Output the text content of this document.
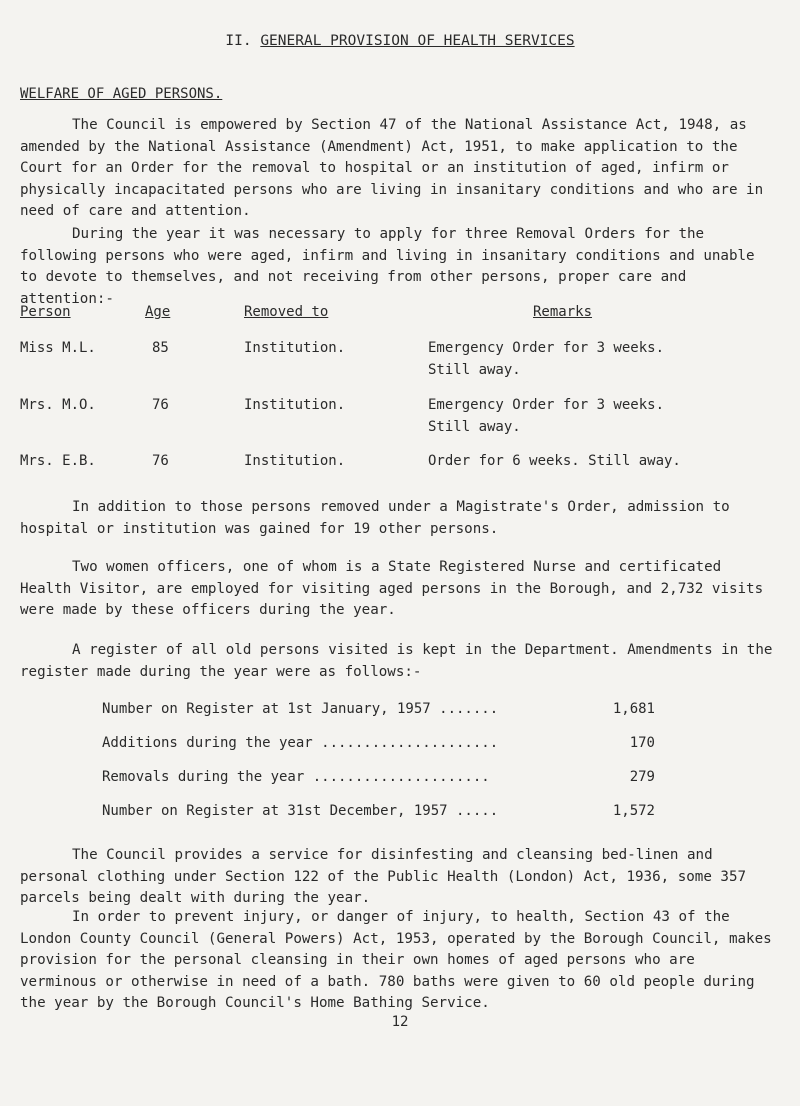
II. GENERAL PROVISION OF HEALTH SERVICES
WELFARE OF AGED PERSONS.
The Council is empowered by Section 47 of the National Assistance Act, 1948, as amended by the National Assistance (Amendment) Act, 1951, to make application to the Court for an Order for the removal to hospital or an institution of aged, infirm or physically incapacitated persons who are living in insanitary conditions and who are in need of care and attention.
During the year it was necessary to apply for three Removal Orders for the following persons who were aged, infirm and living in insanitary conditions and unable to devote to themselves, and not receiving from other persons, proper care and attention:-
Person	Age	Removed to	Remarks
Miss M.L.	85	Institution.	Emergency Order for 3 weeks.
Still away.
Mrs. M.O.	76	Institution.	Emergency Order for 3 weeks.
Still away.
Mrs. E.B.	76	Institution.	Order for 6 weeks. Still away.
In addition to those persons removed under a Magistrate's Order, admission to hospital or institution was gained for 19 other persons.
Two women officers, one of whom is a State Registered Nurse and certificated Health Visitor, are employed for visiting aged persons in the Borough, and 2,732 visits were made by these officers during the year.
A register of all old persons visited is kept in the Department. Amendments in the register made during the year were as follows:-
Number on Register at 1st January, 1957 .......	1,681
Additions during the year .....................	170
Removals during the year .....................	279
Number on Register at 31st December, 1957 .....	1,572
The Council provides a service for disinfesting and cleansing bed-linen and personal clothing under Section 122 of the Public Health (London) Act, 1936, some 357 parcels being dealt with during the year.
In order to prevent injury, or danger of injury, to health, Section 43 of the London County Council (General Powers) Act, 1953, operated by the Borough Council, makes provision for the personal cleansing in their own homes of aged persons who are verminous or otherwise in need of a bath. 780 baths were given to 60 old people during the year by the Borough Council's Home Bathing Service.
12
